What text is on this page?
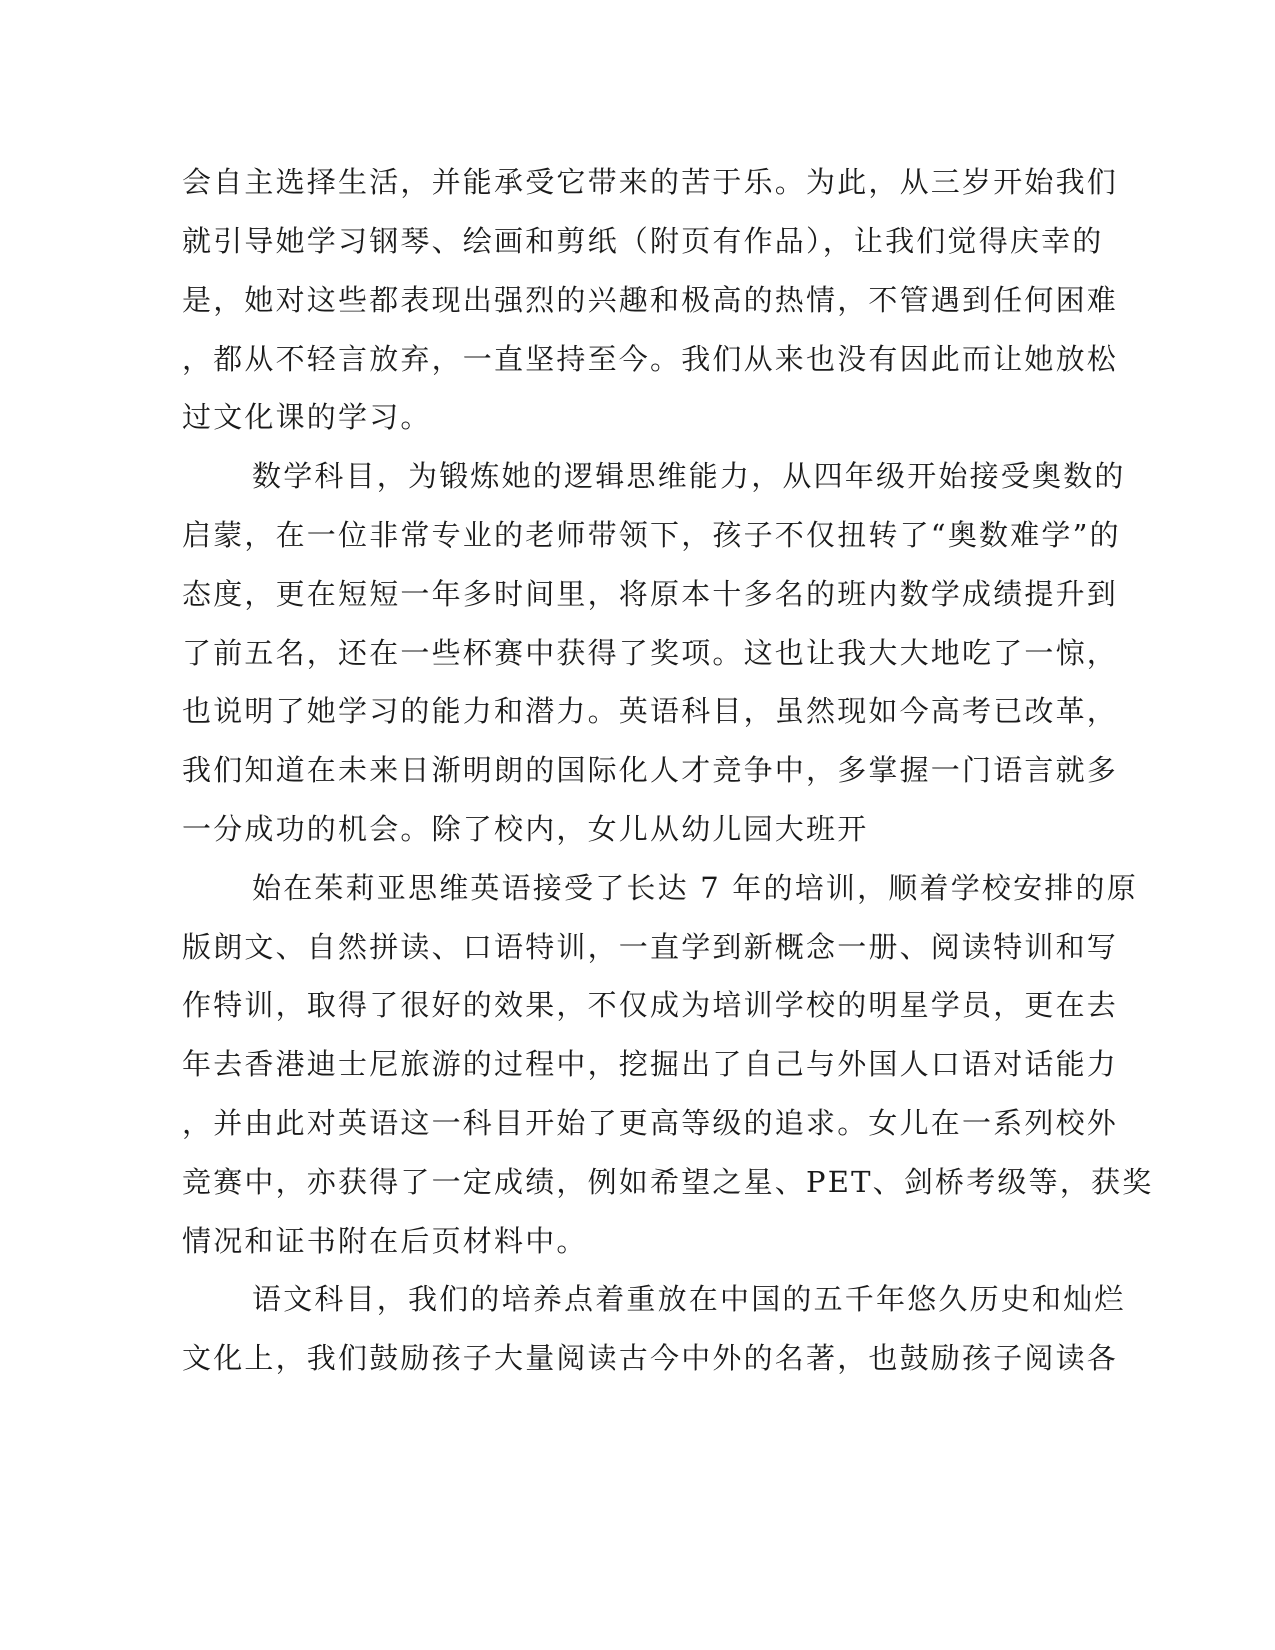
会自主选择生活，并能承受它带来的苦于乐。为此，从三岁开始我们
就引导她学习钢琴、绘画和剪纸（附页有作品），让我们觉得庆幸的
是，她对这些都表现出强烈的兴趣和极高的热情，不管遇到任何困难
，都从不轻言放弃，一直坚持至今。我们从来也没有因此而让她放松
过文化课的学习。
数学科目，为锻炼她的逻辑思维能力，从四年级开始接受奥数的
启蒙，在一位非常专业的老师带领下，孩子不仅扭转了“奥数难学”的
态度，更在短短一年多时间里，将原本十多名的班内数学成绩提升到
了前五名，还在一些杯赛中获得了奖项。这也让我大大地吃了一惊，
也说明了她学习的能力和潜力。英语科目，虽然现如今高考已改革，
我们知道在未来日渐明朗的国际化人才竞争中，多掌握一门语言就多
一分成功的机会。除了校内，女儿从幼儿园大班开
始在茱莉亚思维英语接受了长达 7 年的培训，顺着学校安排的原
版朗文、自然拼读、口语特训，一直学到新概念一册、阅读特训和写
作特训，取得了很好的效果，不仅成为培训学校的明星学员，更在去
年去香港迪士尼旅游的过程中，挖掘出了自己与外国人口语对话能力
，并由此对英语这一科目开始了更高等级的追求。女儿在一系列校外
竞赛中，亦获得了一定成绩，例如希望之星、PET、剑桥考级等，获奖
情况和证书附在后页材料中。
语文科目，我们的培养点着重放在中国的五千年悠久历史和灿烂
文化上，我们鼓励孩子大量阅读古今中外的名著，也鼓励孩子阅读各
